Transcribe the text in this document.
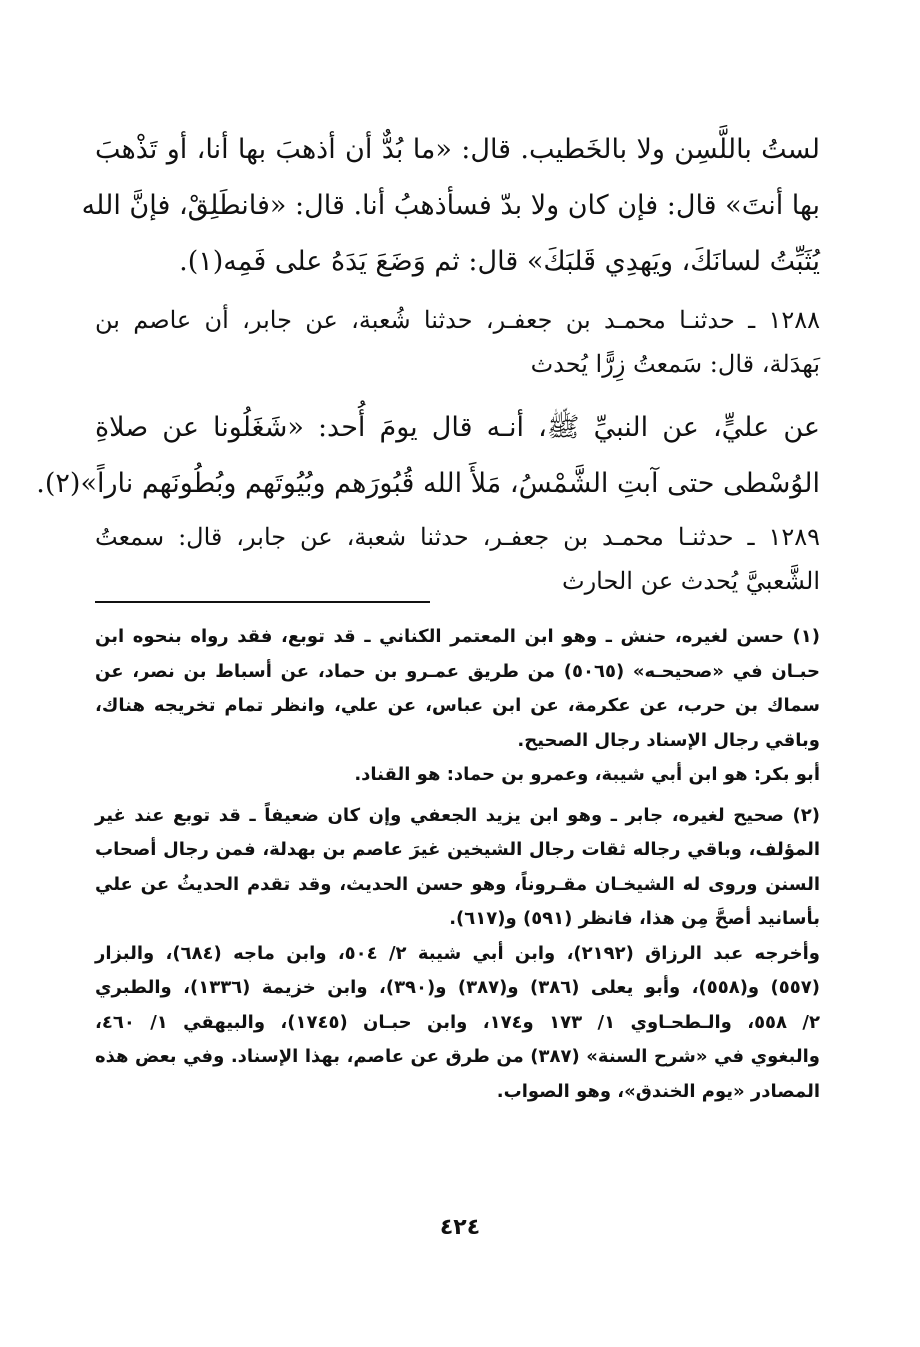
لستُ باللَّسِن ولا بالخَطيب. قال: «ما بُدٌّ أن أذهبَ بها أنا، أو تَذْهبَ
بها أنتَ» قال: فإن كان ولا بدّ فسأذهبُ أنا. قال: «فانطَلِقْ، فإنَّ الله
يُثَبِّتُ لسانَكَ، ويَهدِي قَلبَكَ» قال: ثم وَضَعَ يَدَهُ على فَمِه(١).
١٢٨٨ ـ حدثنـا محمـد بن جعفـر، حدثنا شُعبة، عن جابر، أن عاصم بن
بَهدَلة، قال: سَمعتُ زِرًّا يُحدث
عن عليٍّ، عن النبيِّ ﷺ، أنـه قال يومَ أُحد: «شَغَلُونا عن صلاةِ
الوُسْطى حتى آبتِ الشَّمْسُ، مَلأَ الله قُبُورَهم وبُيُوتَهم وبُطُونَهم ناراً»(٢).
١٢٨٩ ـ حدثنـا محمـد بن جعفـر، حدثنا شعبة، عن جابر، قال: سمعتُ
الشَّعبيَّ يُحدث عن الحارث
(١) حسن لغيره، حنش ـ وهو ابن المعتمر الكناني ـ قد توبع، فقد رواه بنحوه ابن
حبـان في «صحيحـه» (٥٠٦٥) من طريق عمـرو بن حماد، عن أسباط بن نصر، عن
سماك بن حرب، عن عكرمة، عن ابن عباس، عن علي، وانظر تمام تخريجه هناك،
وباقي رجال الإسناد رجال الصحيح.
أبو بكر: هو ابن أبي شيبة، وعمرو بن حماد: هو القناد.
(٢) صحيح لغيره، جابر ـ وهو ابن يزيد الجعفي وإن كان ضعيفاً ـ قد توبع عند غير
المؤلف، وباقي رجاله ثقات رجال الشيخين غيرَ عاصم بن بهدلة، فمن رجال أصحاب
السنن وروى له الشيخـان مقـروناً، وهو حسن الحديث، وقد تقدم الحديثُ عن علي
بأسانيد أصحَّ مِن هذا، فانظر (٥٩١) و(٦١٧).
وأخرجه عبد الرزاق (٢١٩٢)، وابن أبي شيبة ٢/ ٥٠٤، وابن ماجه (٦٨٤)، والبزار
(٥٥٧) و(٥٥٨)، وأبو يعلى (٣٨٦) و(٣٨٧) و(٣٩٠)، وابن خزيمة (١٣٣٦)، والطبري
٢/ ٥٥٨، والـطحـاوي ١/ ١٧٣ و١٧٤، وابن حبـان (١٧٤٥)، والبيهقي ١/ ٤٦٠،
والبغوي في «شرح السنة» (٣٨٧) من طرق عن عاصم، بهذا الإسناد. وفي بعض هذه
المصادر «يوم الخندق»، وهو الصواب.
٤٢٤
